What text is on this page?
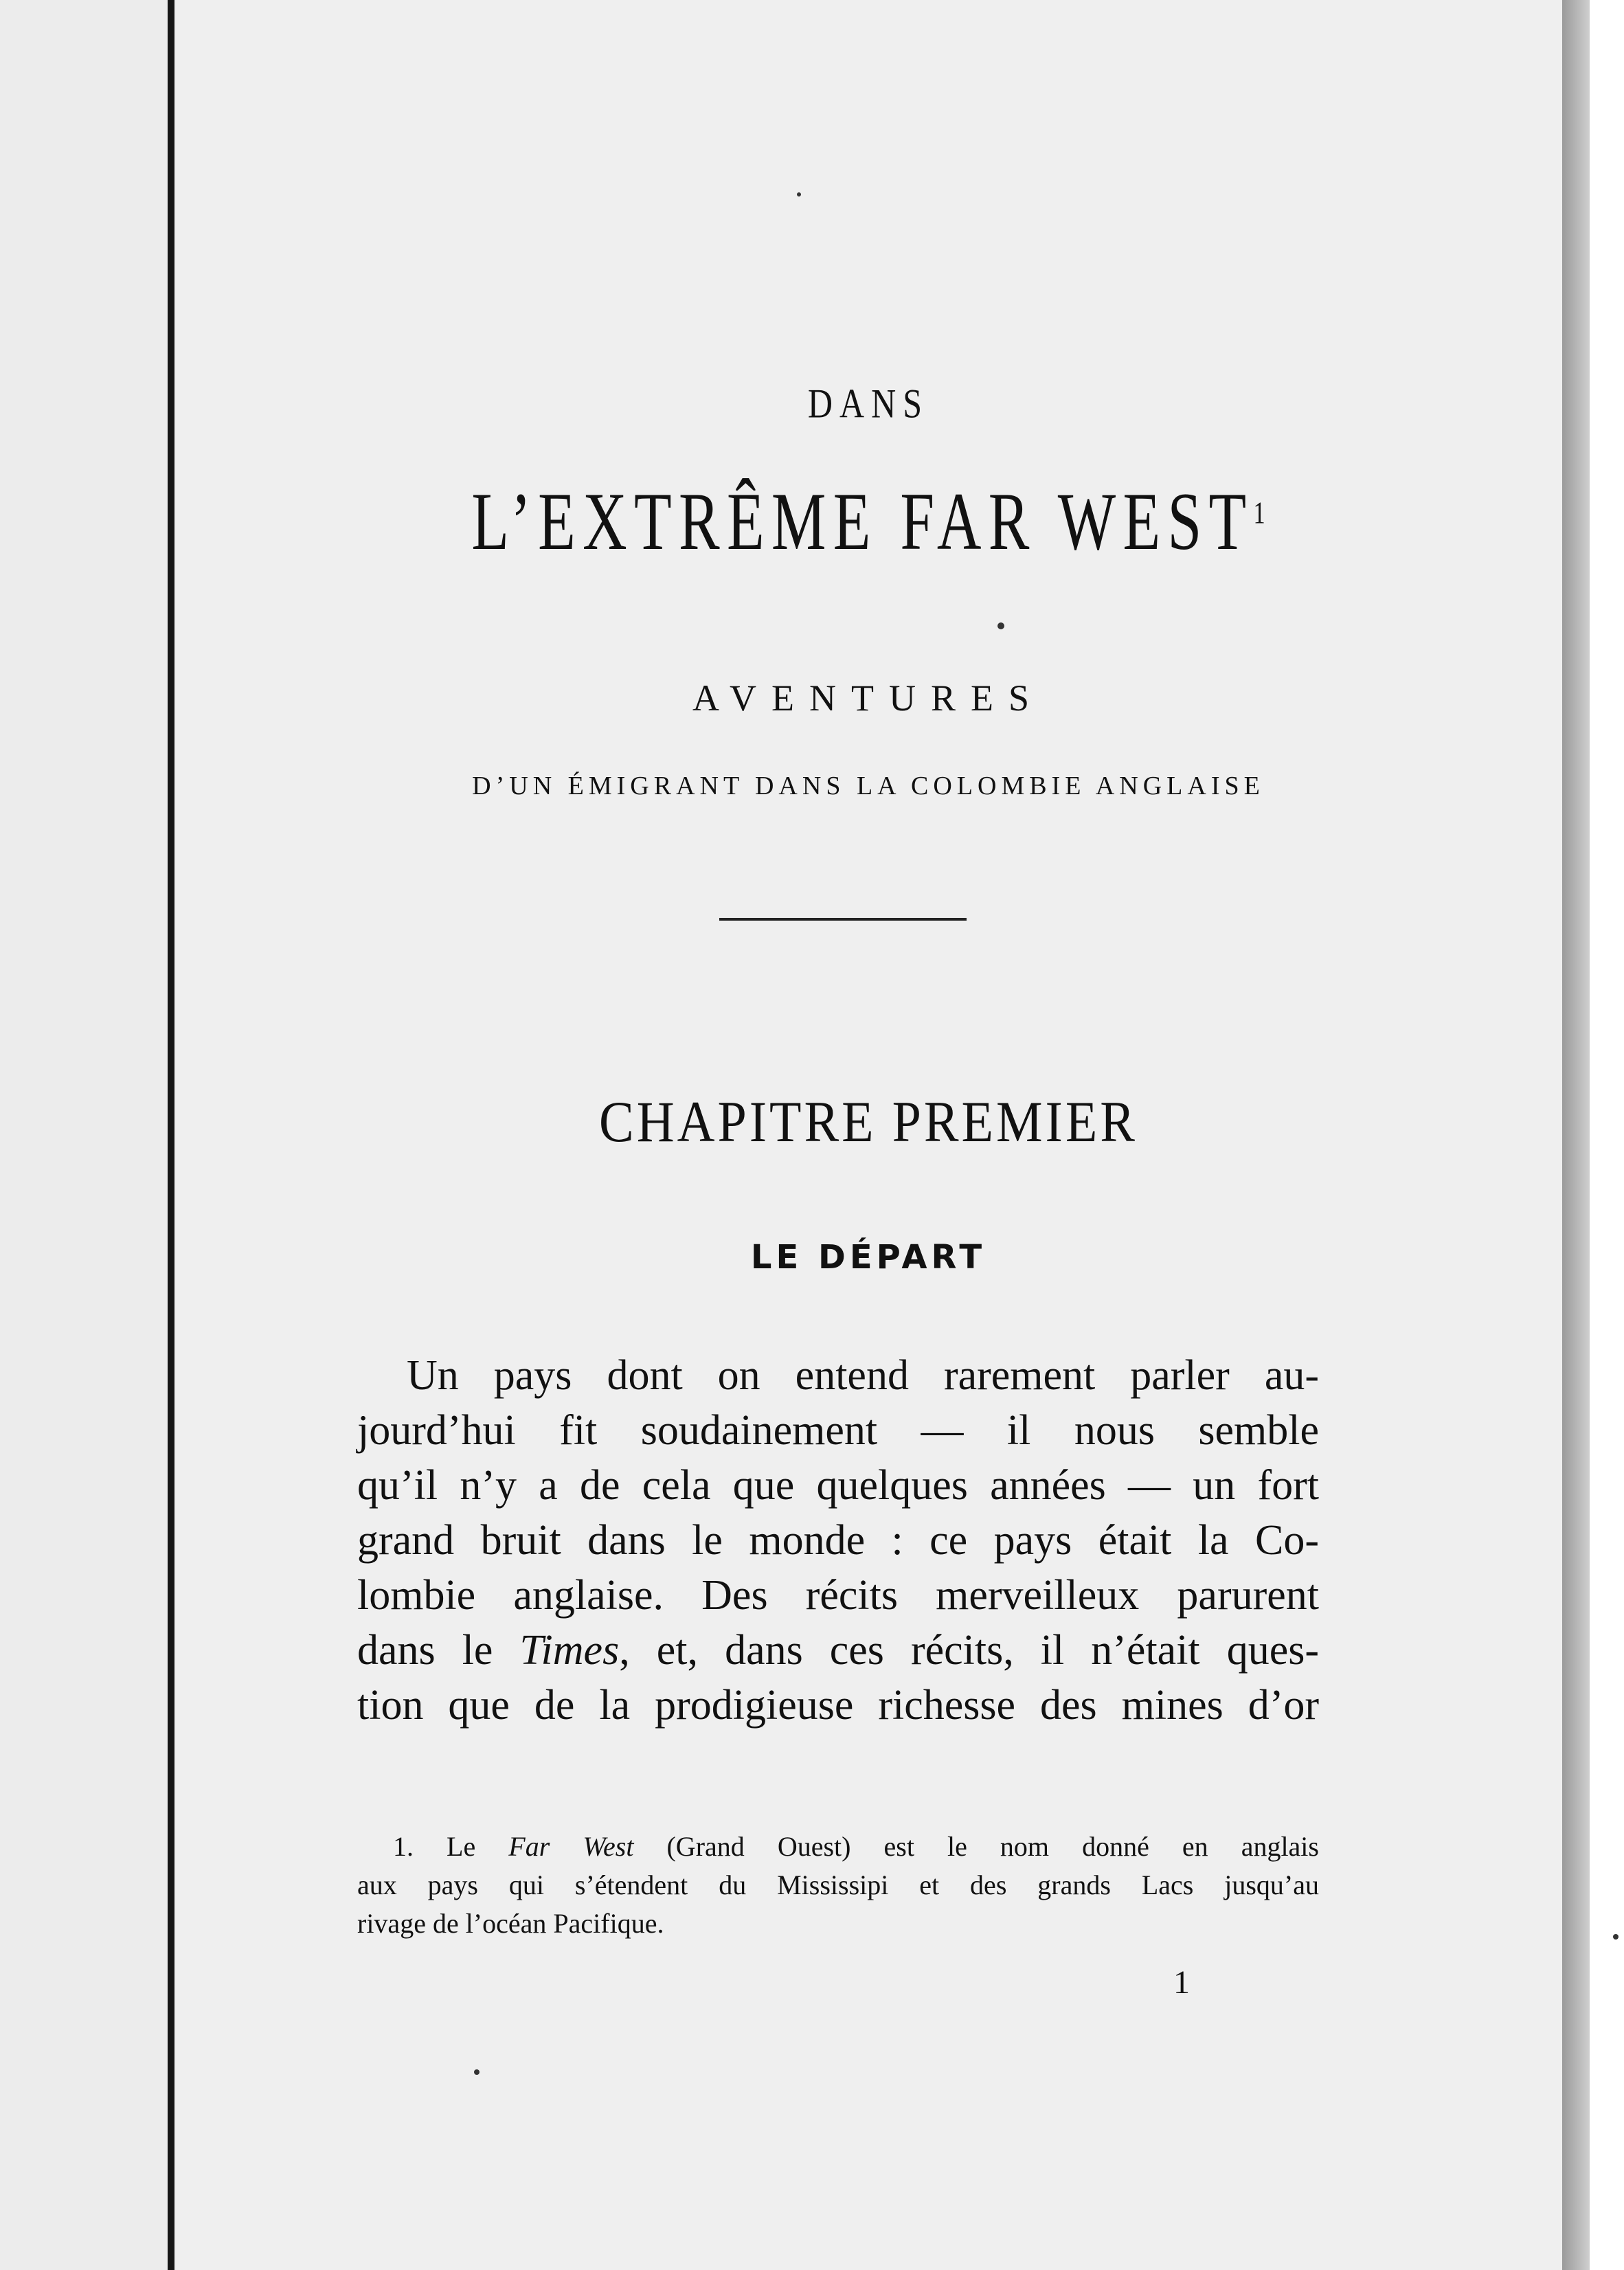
DANS
L’EXTRÊME FAR WEST$^1$
AVENTURES
D’UN ÉMIGRANT DANS LA COLOMBIE ANGLAISE
CHAPITRE PREMIER
LE DÉPART
Un pays dont on entend rarement parler au-
jourd’hui fit soudainement — il nous semble
qu’il n’y a de cela que quelques années — un fort
grand bruit dans le monde : ce pays était la Co-
lombie anglaise. Des récits merveilleux parurent
dans le Times, et, dans ces récits, il n’était ques-
tion que de la prodigieuse richesse des mines d’or
1. Le Far West (Grand Ouest) est le nom donné en anglais
aux pays qui s’étendent du Mississipi et des grands Lacs jusqu’au
rivage de l’océan Pacifique.
1
